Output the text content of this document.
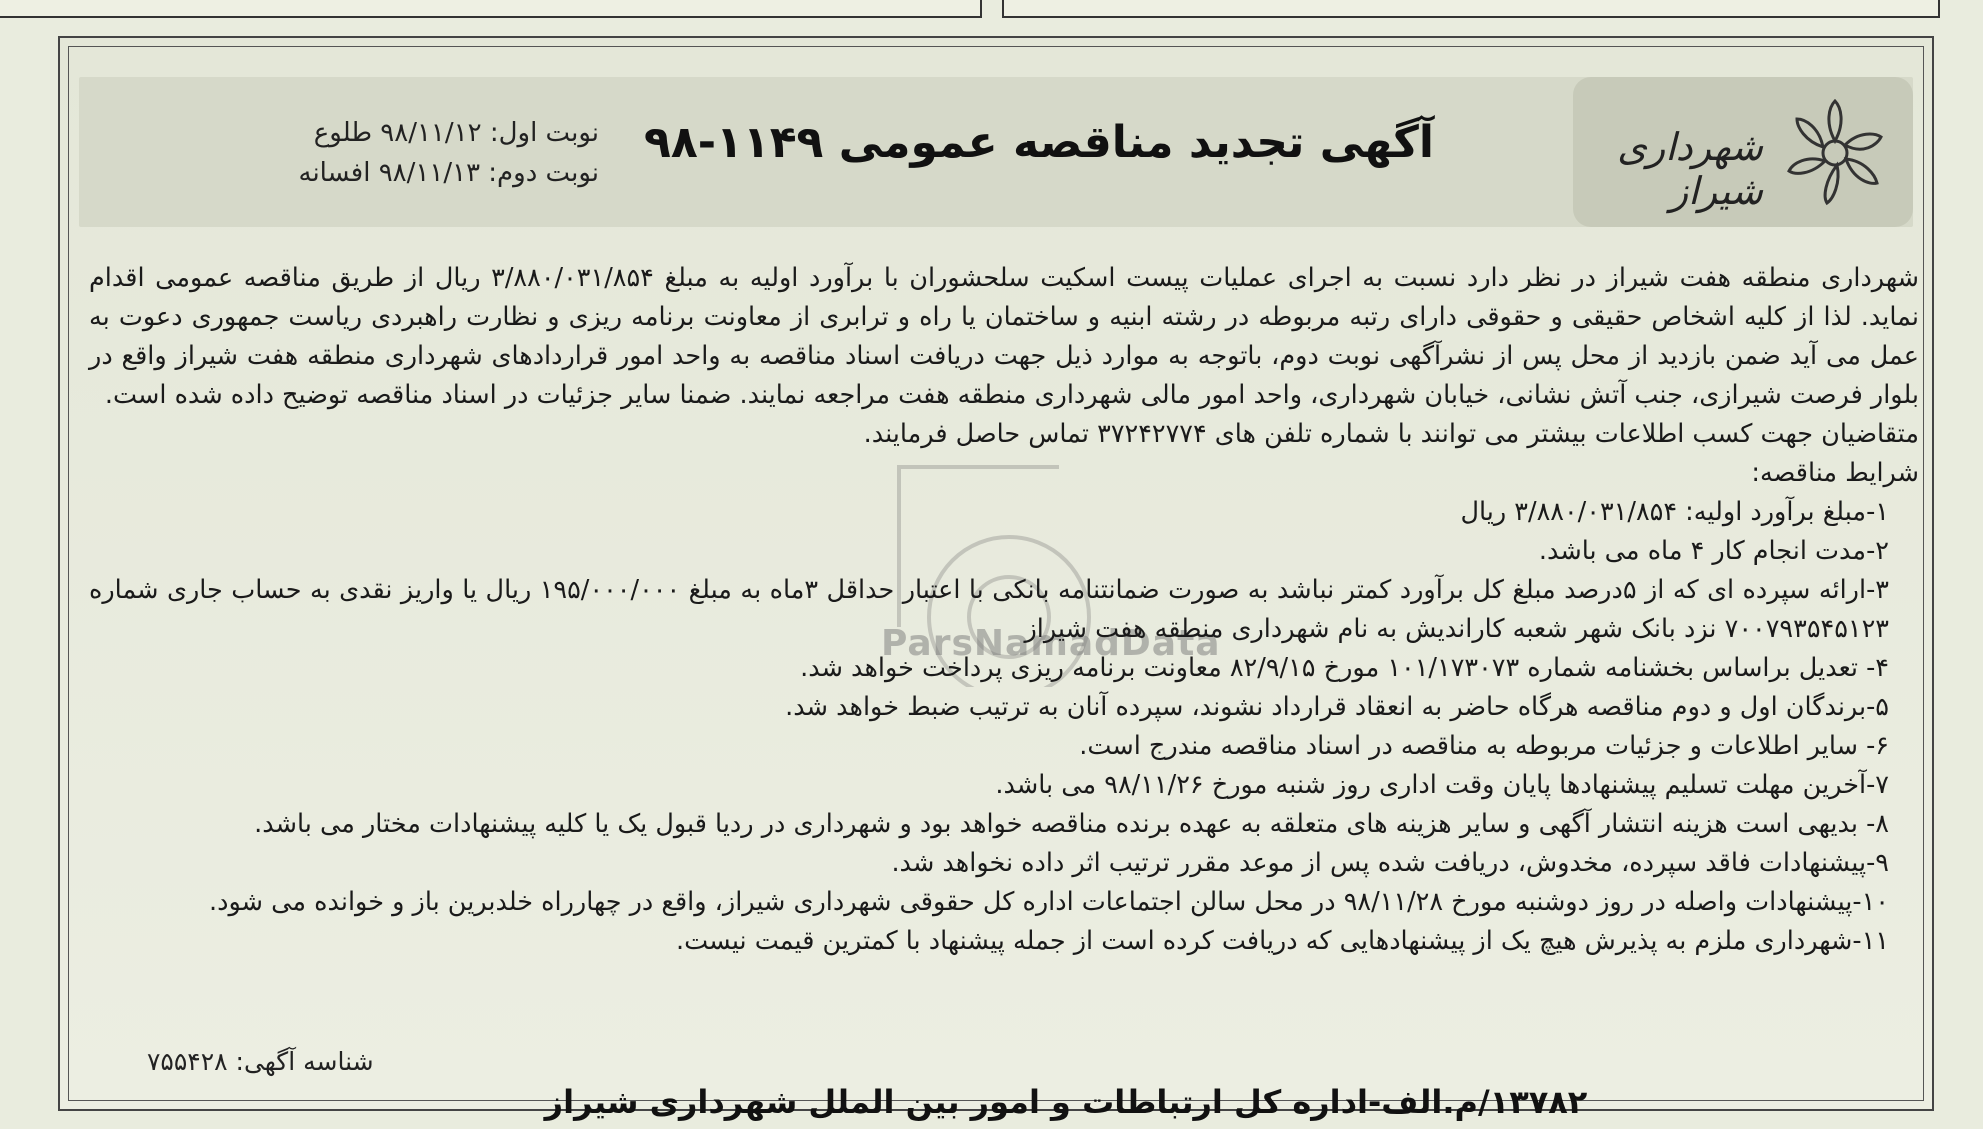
شهرداری شیراز
آگهی تجدید مناقصه عمومی ۱۱۴۹-۹۸
نوبت اول: ۹۸/۱۱/۱۲ طلوع
نوبت دوم: ۹۸/۱۱/۱۳ افسانه
ParsNamadData

شهرداری منطقه هفت شیراز در نظر دارد نسبت به اجرای عملیات پیست اسکیت سلحشوران با برآورد اولیه به مبلغ ۳/۸۸۰/۰۳۱/۸۵۴ ریال از طریق مناقصه عمومی اقدام نماید. لذا از کلیه اشخاص حقیقی و حقوقی دارای رتبه مربوطه در رشته ابنیه و ساختمان یا راه و ترابری از معاونت برنامه ریزی و نظارت راهبردی ریاست جمهوری دعوت به عمل می آید ضمن بازدید از محل پس از نشرآگهی نوبت دوم، باتوجه به موارد ذیل جهت دریافت اسناد مناقصه به واحد امور قراردادهای شهرداری منطقه هفت شیراز واقع در بلوار فرصت شیرازی، جنب آتش نشانی، خیابان شهرداری، واحد امور مالی شهرداری منطقه هفت مراجعه نمایند. ضمنا سایر جزئیات در اسناد مناقصه توضیح داده شده است.

متقاضیان جهت کسب اطلاعات بیشتر می توانند با شماره تلفن های ۳۷۲۴۲۷۷۴ تماس حاصل فرمایند.

شرایط مناقصه:

۱-مبلغ برآورد اولیه: ۳/۸۸۰/۰۳۱/۸۵۴ ریال

۲-مدت انجام کار ۴ ماه می باشد.

۳-ارائه سپرده ای که از ۵درصد مبلغ کل برآورد کمتر نباشد به صورت ضمانتنامه بانکی با اعتبار حداقل ۳ماه به مبلغ ۱۹۵/۰۰۰/۰۰۰ ریال یا واریز نقدی به حساب جاری شماره ۷۰۰۷۹۳۵۴۵۱۲۳ نزد بانک شهر شعبه کاراندیش به نام شهرداری منطقه هفت شیراز

۴- تعدیل براساس بخشنامه شماره ۱۰۱/۱۷۳۰۷۳ مورخ ۸۲/۹/۱۵ معاونت برنامه ریزی پرداخت خواهد شد.

۵-برندگان اول و دوم مناقصه هرگاه حاضر به انعقاد قرارداد نشوند، سپرده آنان به ترتیب ضبط خواهد شد.

۶- سایر اطلاعات و جزئیات مربوطه به مناقصه در اسناد مناقصه مندرج است.

۷-آخرین مهلت تسلیم پیشنهادها پایان وقت اداری روز شنبه مورخ ۹۸/۱۱/۲۶ می باشد.

۸- بدیهی است هزینه انتشار آگهی و سایر هزینه های متعلقه به عهده برنده مناقصه خواهد بود و شهرداری در ردیا قبول یک یا کلیه پیشنهادات مختار می باشد.

۹-پیشنهادات فاقد سپرده، مخدوش، دریافت شده پس از موعد مقرر ترتیب اثر داده نخواهد شد.

۱۰-پیشنهادات واصله در روز دوشنبه مورخ ۹۸/۱۱/۲۸ در محل سالن اجتماعات اداره کل حقوقی شهرداری شیراز، واقع در چهارراه خلدبرین باز و خوانده می شود.

۱۱-شهرداری ملزم به پذیرش هیچ یک از پیشنهادهایی که دریافت کرده است از جمله پیشنهاد با کمترین قیمت نیست.

شناسه آگهی: ۷۵۵۴۲۸
۱۳۷۸۲/م.الف-اداره کل ارتباطات و امور بین الملل شهرداری شیراز
